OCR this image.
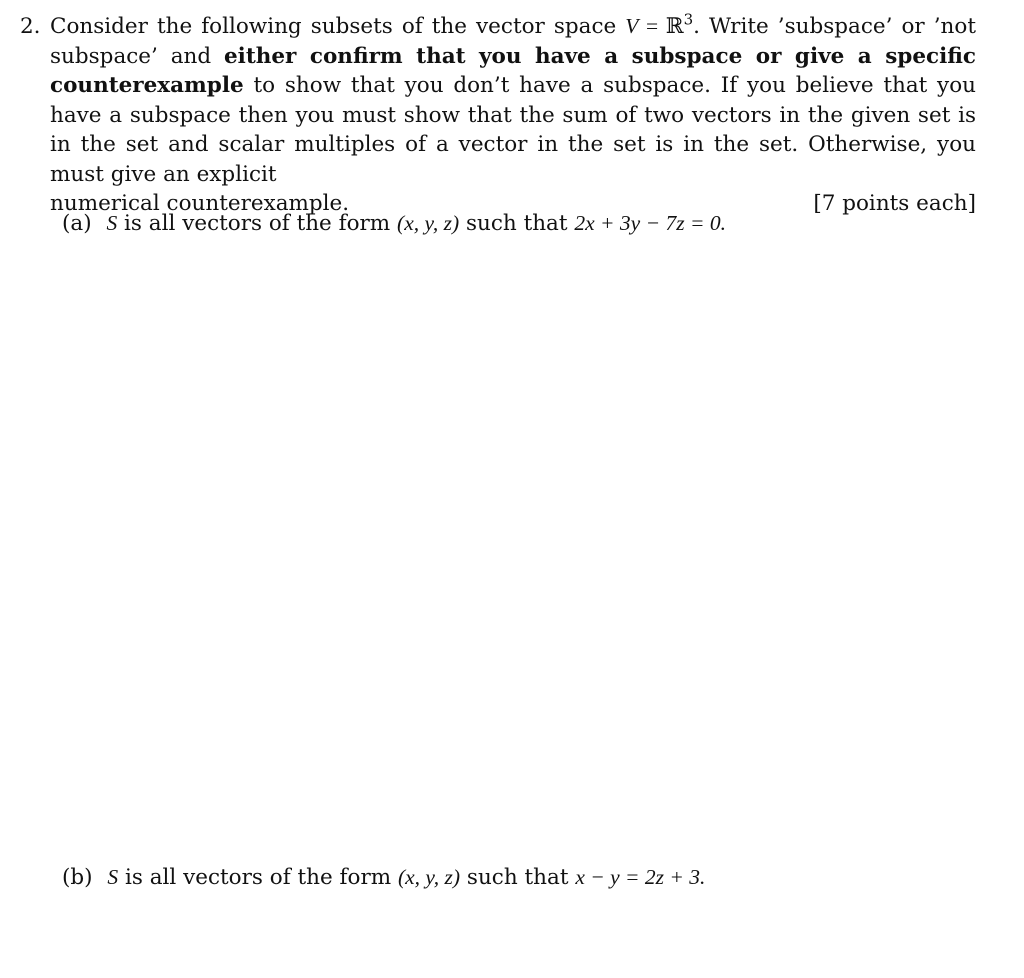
2. Consider the following subsets of the vector space V = ℝ$^3$. Write ’subspace’ or ’not subspace’ and either confirm that you have a subspace or give a specific counterexample to show that you don’t have a subspace. If you believe that you have a subspace then you must show that the sum of two vectors in the given set is in the set and scalar multiples of a vector in the set is in the set. Otherwise, you must give an explicit
numerical counterexample.	[7 points each]
(a) S is all vectors of the form (x, y, z) such that 2x + 3y − 7z = 0.
(b) S is all vectors of the form (x, y, z) such that x − y = 2z + 3.
